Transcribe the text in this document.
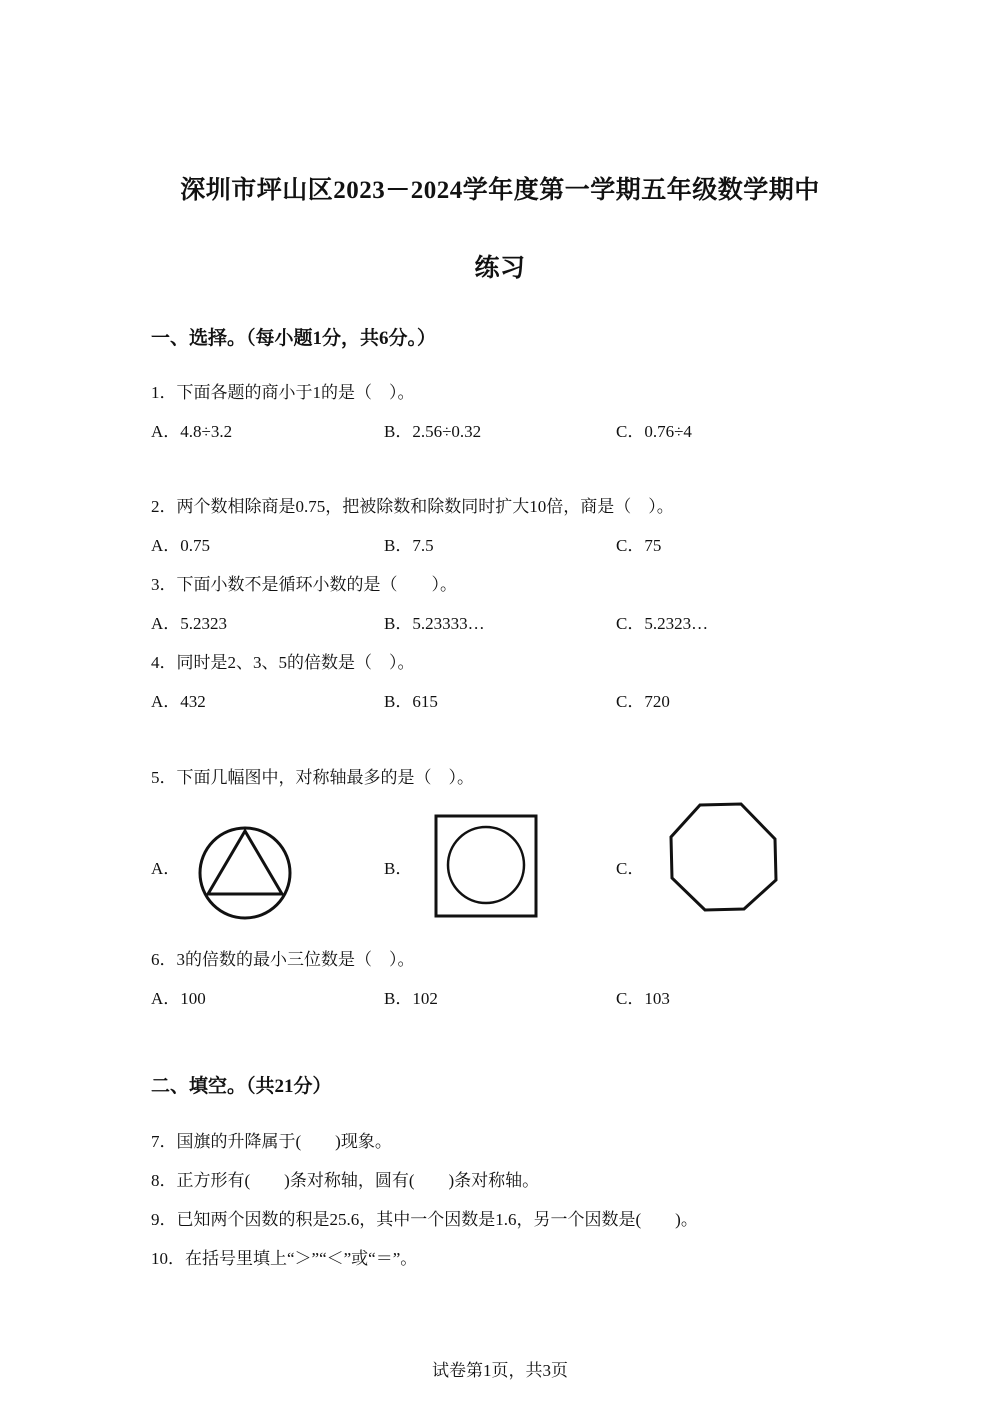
深圳市坪山区2023－2024学年度第一学期五年级数学期中
练习
一、选择。（每小题1分，共6分。）
1．下面各题的商小于1的是（　）。
A．4.8÷3.2	B．2.56÷0.32	C．0.76÷4
2．两个数相除商是0.75，把被除数和除数同时扩大10倍，商是（　）。
A．0.75	B．7.5	C．75
3．下面小数不是循环小数的是（　　）。
A．5.2323	B．5.23333…	C．5.2323…
4．同时是2、3、5的倍数是（　）。
A．432	B．615	C．720
5．下面几幅图中，对称轴最多的是（　）。
A．	B．	C．
6．3的倍数的最小三位数是（　）。
A．100	B．102	C．103
二、填空。（共21分）
7．国旗的升降属于(　　)现象。
8．正方形有(　　)条对称轴，圆有(　　)条对称轴。
9．已知两个因数的积是25.6，其中一个因数是1.6，另一个因数是(　　)。
10．在括号里填上“＞”“＜”或“＝”。
试卷第1页，共3页
